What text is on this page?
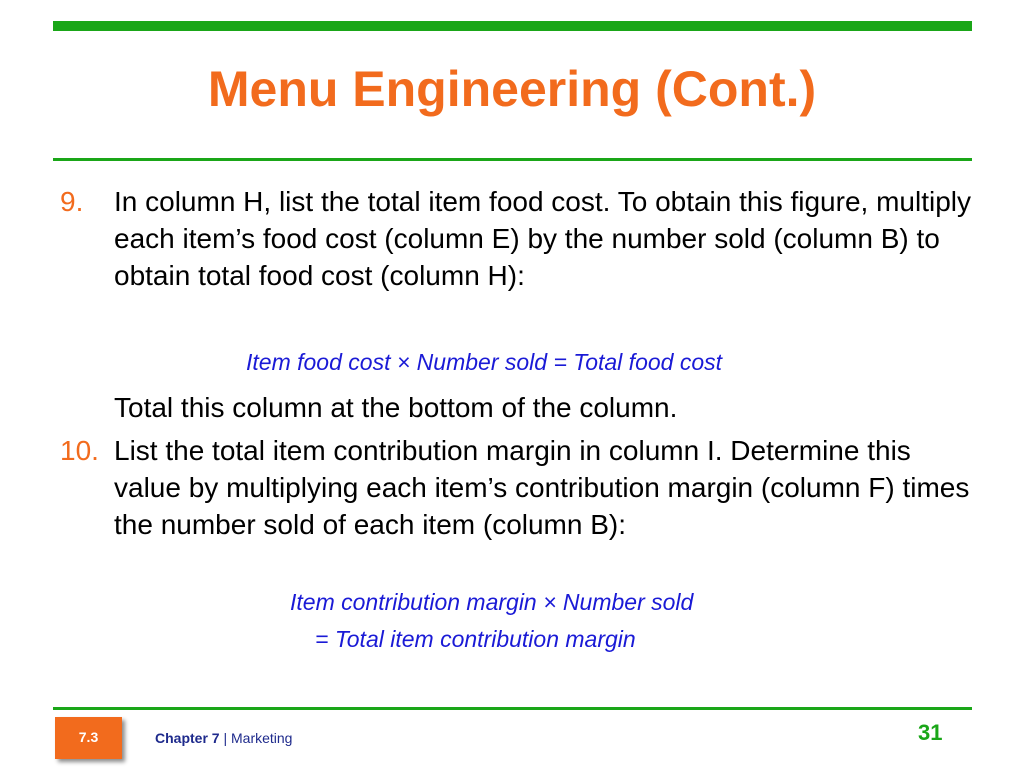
Menu Engineering (Cont.)
9. In column H, list the total item food cost. To obtain this figure, multiply each item’s food cost (column E) by the number sold (column B) to obtain total food cost (column H):

Item food cost × Number sold = Total food cost

Total this column at the bottom of the column.

10. List the total item contribution margin in column I. Determine this value by multiplying each item’s contribution margin (column F) times the number sold of each item (column B):

Item contribution margin × Number sold
= Total item contribution margin
7.3	Chapter 7 | Marketing	31
